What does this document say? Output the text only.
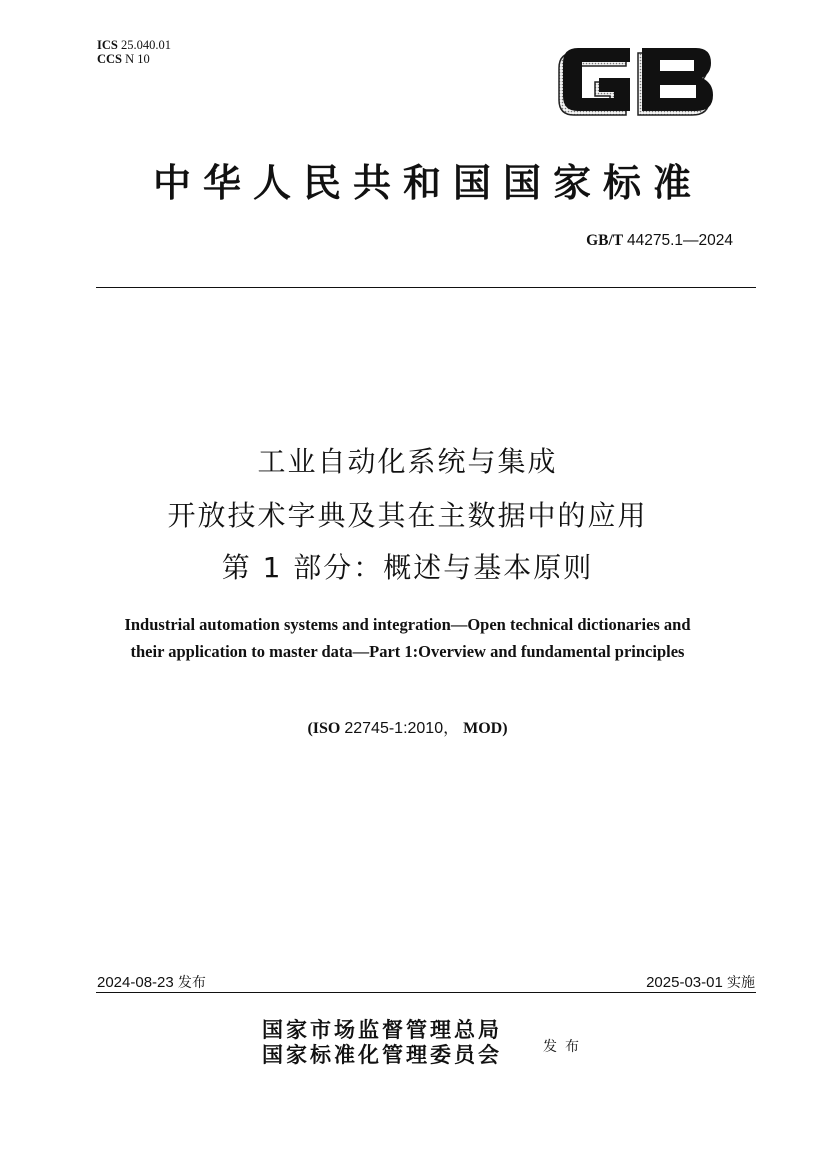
ICS 25.040.01
CCS N 10
中华人民共和国国家标准
GB/T 44275.1—2024
工业自动化系统与集成
开放技术字典及其在主数据中的应用
第 1 部分：概述与基本原则
Industrial automation systems and integration—Open technical dictionaries and
their application to master data—Part 1:Overview and fundamental principles
(ISO 22745-1:2010， MOD)
2024-08-23 发布	2025-03-01 实施
国家市场监督管理总局
国家标准化管理委员会	发布
